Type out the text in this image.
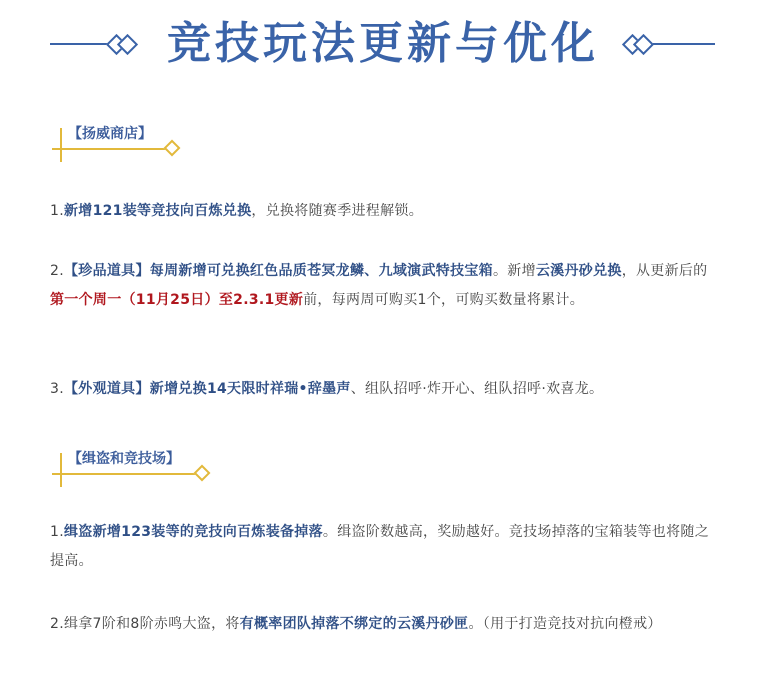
竞技玩法更新与优化
【扬威商店】
1.新增121装等竞技向百炼兑换，兑换将随赛季进程解锁。
2.【珍品道具】每周新增可兑换红色品质苍冥龙鳞、九域演武特技宝箱。新增云溪丹砂兑换，从更新后的第一个周一（11月25日）至2.3.1更新前，每两周可购买1个，可购买数量将累计。
3.【外观道具】新增兑换14天限时祥瑞•辞墨声、组队招呼·炸开心、组队招呼·欢喜龙。
【缉盗和竞技场】
1.缉盗新增123装等的竞技向百炼装备掉落。缉盗阶数越高，奖励越好。竞技场掉落的宝箱装等也将随之提高。
2.缉拿7阶和8阶赤鸣大盗，将有概率团队掉落不绑定的云溪丹砂匣。（用于打造竞技对抗向橙戒）
